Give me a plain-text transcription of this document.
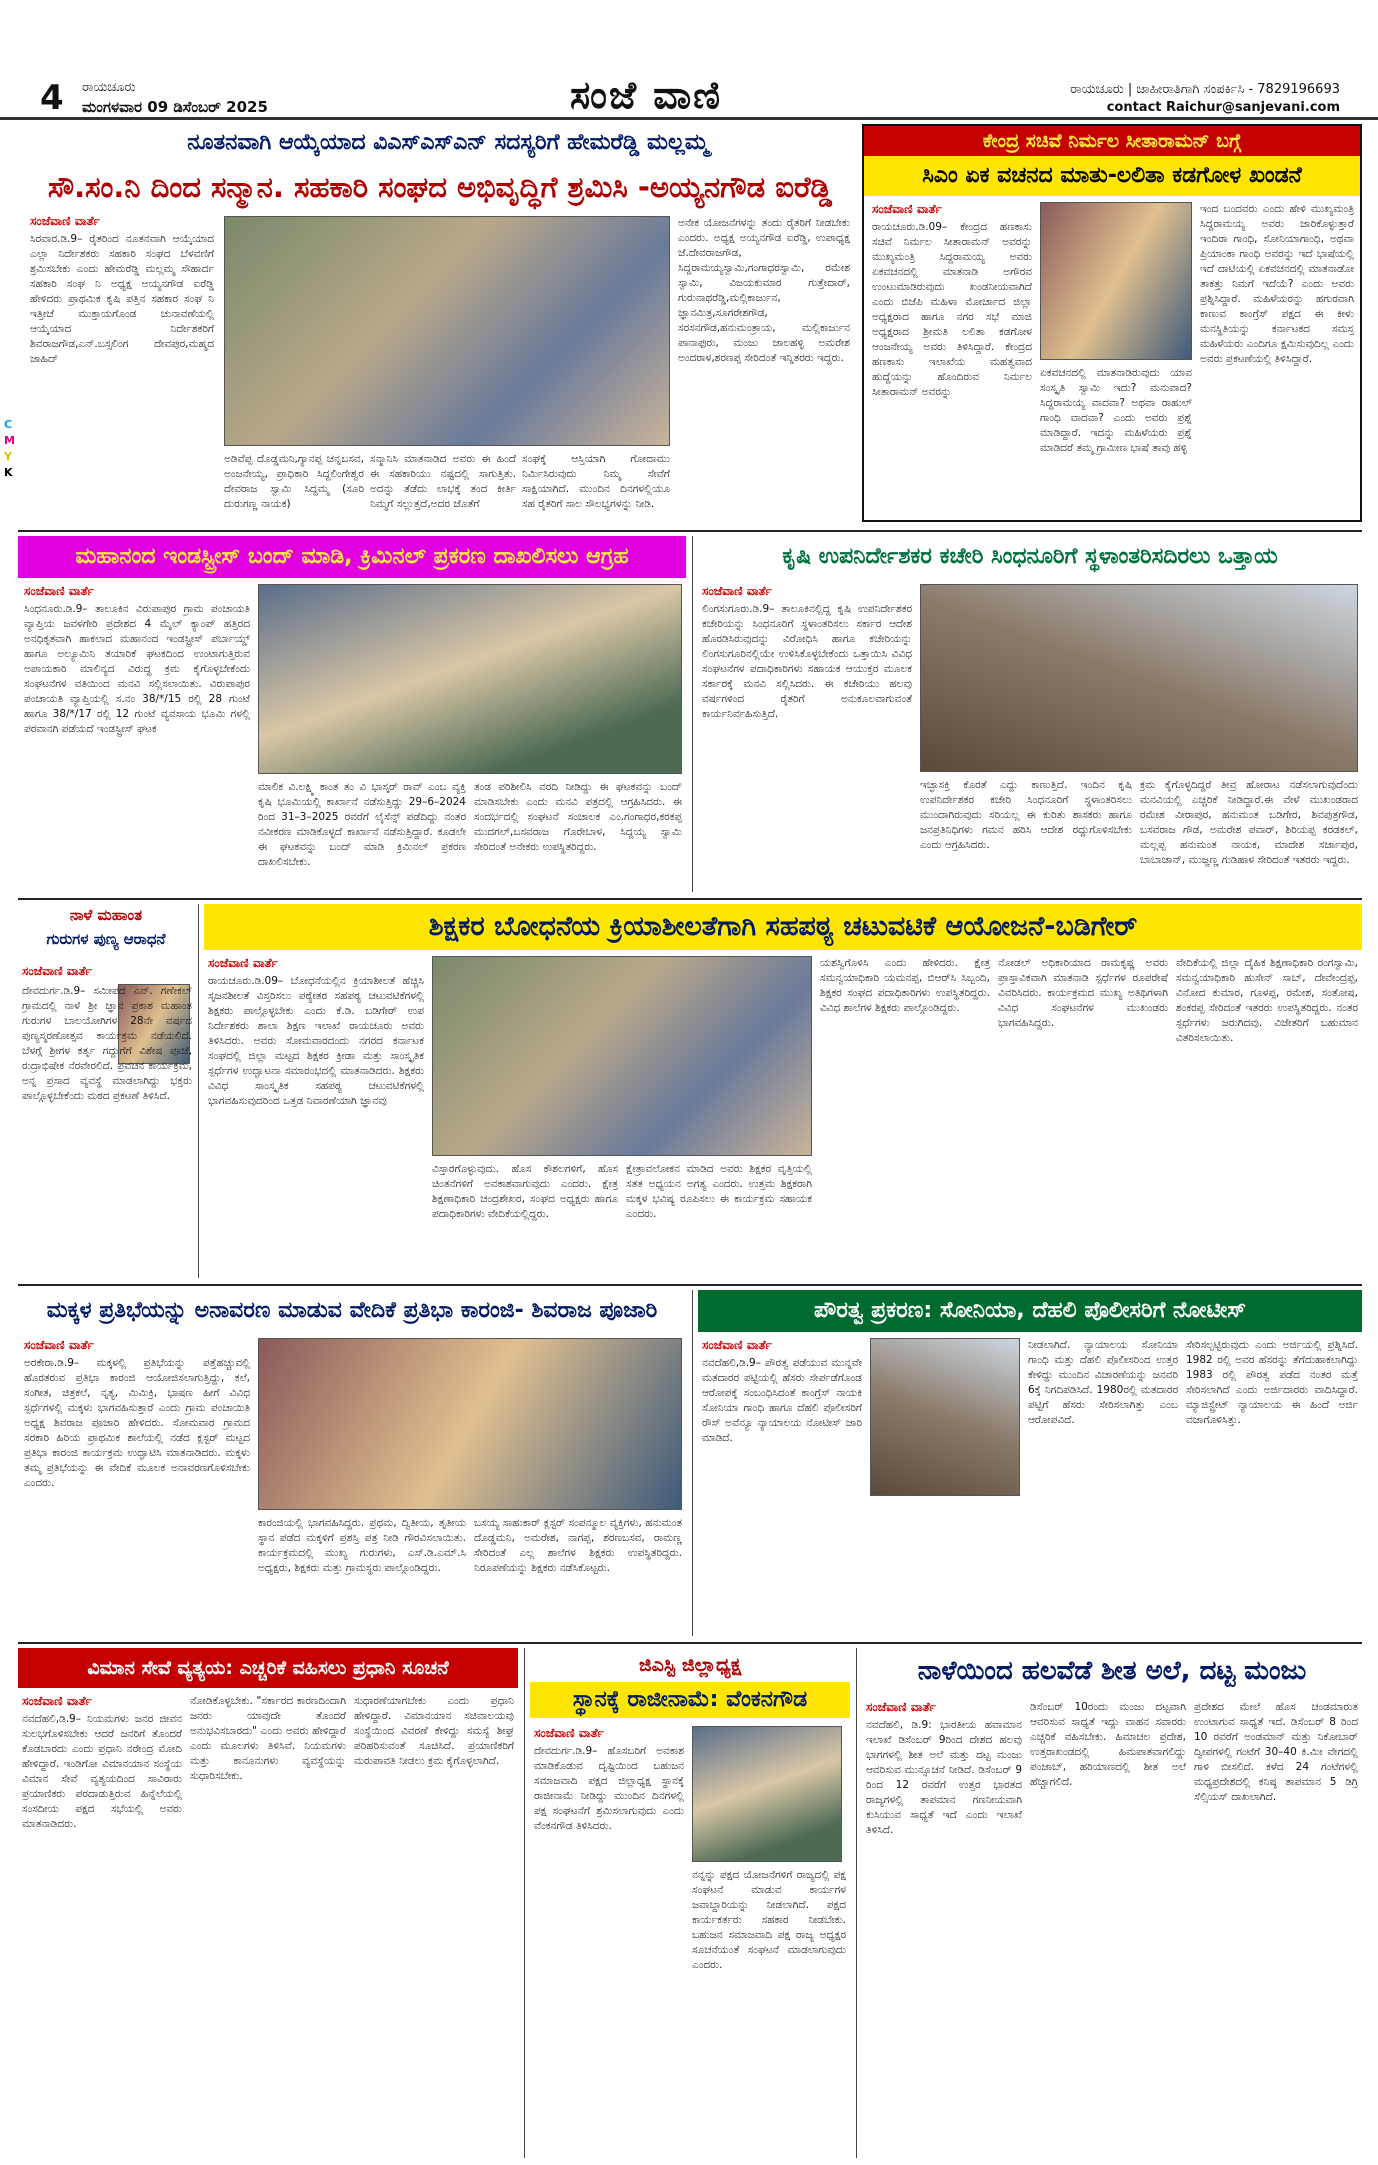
4 ರಾಯಚೂರು
ಮಂಗಳವಾರ 09 ಡಿಸೆಂಬರ್ 2025	ಸಂಜೆ ವಾಣಿ	ರಾಯಚೂರು | ಜಾಹೀರಾತಿಗಾಗಿ ಸಂಪರ್ಕಿಸಿ - 7829196693
contact Raichur@sanjevani.com
C
M
Y
K
ನೂತನವಾಗಿ ಆಯ್ಕೆಯಾದ ವಿಎಸ್‌ಎಸ್‌ಎನ್ ಸದಸ್ಯರಿಗೆ ಹೇಮರೆಡ್ಡಿ ಮಲ್ಲಮ್ಮ
ಸೌ.ಸಂ.ನಿ ದಿಂದ ಸನ್ಮಾನ. ಸಹಕಾರಿ ಸಂಘದ ಅಭಿವೃದ್ಧಿಗೆ ಶ್ರಮಿಸಿ -ಅಯ್ಯನಗೌಡ ಐರೆಡ್ಡಿ
ಸಂಜೆವಾಣಿ ವಾರ್ತೆ
ಸಿರವಾರ.ಡಿ.9– ರೈತರಿಂದ ನೂತನವಾಗಿ ಆಯ್ಕೆಯಾದ ಎಲ್ಲಾ ನಿರ್ದೇಶಕರು ಸಹಕಾರಿ ಸಂಘದ ಬೆಳವಣಿಗೆ ಶ್ರಮಿಸಬೇಕು ಎಂದು ಹೇಮರೆಡ್ಡಿ ಮಲ್ಲಮ್ಮ ಸೌಹಾರ್ದ ಸಹಕಾರಿ ಸಂಘ ನಿ ಅಧ್ಯಕ್ಷ ಅಯ್ಯನಗೌಡ ಐರೆಡ್ಡಿ ಹೇಳಿದರು ಪ್ರಾಥಮಿಕ ಕೃಷಿ ಪತ್ತಿನ ಸಹಕಾರ ಸಂಘ ನಿ ಇತ್ತೀಚೆ ಮುಕ್ತಾಯಗೊಂಡ ಚುನಾವಣೆಯಲ್ಲಿ ಆಯ್ಕೆಯಾದ ನಿರ್ದೇಶಕರಿಗೆ ಶಿವರಾಜಗೌಡ,ಎನ್.ಬಸ್ಸಲಿಂಗ ದೇವಪುರ,ಮಹ್ಮದ ಜಾಹಿದ್
ಅಡಿವೆಪ್ಪ ದೊಡ್ಡಮನಿ,ಗ್ಯಾನಪ್ಪ ಚನ್ನಬಸವ, ಅಂಜನೇಯ್ಯ, ಪ್ರಾಧಿಕಾರಿ ಸಿದ್ದಲಿಂಗೇಶ್ವರ ದೇವರಾಜ ಸ್ವಾಮಿ ಸಿದ್ದಮ್ಮ (ಸೂರಿ ದುರುಗಣ್ಣ ನಾಯಕ)
ಸನ್ಮಾನಿಸಿ ಮಾತನಾಡಿದ ಅವರು ಈ ಹಿಂದೆ ಈ ಸಹಕಾರಿಯು ನಷ್ಟದಲ್ಲಿ ಸಾಗುತ್ತಿತು. ಅದನ್ನು ತೆಡೆದು ಲಾಭಕ್ಕೆ ತಂದ ಕೀರ್ತಿ ನಿಮ್ಮಗೆ ಸಲ್ಲುತ್ತದೆ,ಅದರ ಜೊತೆಗೆ
ಸಂಘಕ್ಕೆ ಆಸ್ತಿಯಾಗಿ ಗೋದಾಮು ನಿರ್ಮಿಸಿರುವುದು ನಿಮ್ಮ ಸೇವೆಗೆ ಸಾಕ್ಷಿಯಾಗಿದೆ. ಮುಂದಿನ ದಿನಗಳಲ್ಲಿಯೂ ಸಹ ರೈತರಿಗೆ ಸಾಲ ಸೌಲಭ್ಯಗಳನ್ನು ನೀಡಿ.
ಅನೇಕ ಯೋಜನೆಗಳನ್ನು ತಂದು ರೈತರಿಗೆ ನೀಡಬೇಕು ಎಂದರು. ಅಧ್ಯಕ್ಷ ಅಯ್ಯನಗೌಡ ಐರೆಡ್ಡಿ, ಉಪಾಧ್ಯಕ್ಷ ಜೆ.ದೇವರಾಜಗೌಡ, ಸಿದ್ದರಾಮಯ್ಯಸ್ವಾಮಿ,ಗಂಗಾಧರಸ್ವಾಮಿ, ರಮೇಶ ಸ್ವಾಮಿ, ವಿಜಯಕುಮಾರ ಗುತ್ತೇದಾರ್, ಗುರುನಾಥರೆಡ್ಡಿ,ಮಲ್ಲಿಕಾರ್ಜುನ, ಜ್ಞಾನಮಿತ್ರ,ಸೂಗರೇಶಗೌಡ, ಸರಸನಗೌಡ,ಹನುಮಂತ್ರಾಯ, ಮಲ್ಲಿಕಾರ್ಜುನ ಪಾನಾಫುರು, ಮಂಜು ಜಾಲಹಳ್ಳಿ ಅಮರೇಶ ಅಂದರಾಳ,ಶರಣಪ್ಪ ಸೇರಿದಂತೆ ಇನ್ನಿತರರು ಇದ್ದರು.
ಕೇಂದ್ರ ಸಚಿವೆ ನಿರ್ಮಲ ಸೀತಾರಾಮನ್ ಬಗ್ಗೆ
ಸಿಎಂ ಏಕ ವಚನದ ಮಾತು-ಲಲಿತಾ ಕಡಗೋಳ ಖಂಡನೆ
ಸಂಜೆವಾಣಿ ವಾರ್ತೆ
ರಾಯಚೂರು.ಡಿ.09– ಕೇಂದ್ರದ ಹಣಕಾಸು ಸಚಿವೆ ನಿರ್ಮಲ ಸೀತಾರಾಮನ್ ಅವರನ್ನು ಮುಖ್ಯಮಂತ್ರಿ ಸಿದ್ದರಾಮಯ್ಯ ಅವರು ಏಕವಚನದಲ್ಲಿ ಮಾತನಾಡಿ ಅಗೌರವ ಉಂಟುಮಾಡಿರುವುದು ಖಂಡನೀಯವಾಗಿದೆ ಎಂದು ಬಿಜೆಪಿ ಮಹಿಳಾ ಮೋರ್ಚಾದ ಜಿಲ್ಲಾ ಅಧ್ಯಕ್ಷರಾದ ಹಾಗೂ ನಗರ ಸಭೆ ಮಾಜಿ ಅಧ್ಯಕ್ಷರಾದ ಶ್ರೀಮತಿ ಲಲಿತಾ ಕಡಗೋಳ ಆಂಜನೇಯ್ಯ ಅವರು ತಿಳಿಸಿದ್ದಾರೆ. ಕೇಂದ್ರದ ಹಣಕಾಸು ಇಲಾಖೆಯ ಮಹತ್ವವಾದ ಹುದ್ದೆಯನ್ನು ಹೊಂದಿರುವ ನಿರ್ಮಲ ಸೀತಾರಾಮನ್ ಅವರನ್ನು
ಏಕವಚನದಲ್ಲಿ ಮಾತನಾಡಿರುವುದು ಯಾವ ಸಂಸ್ಕೃತಿ ಸ್ವಾಮಿ ಇದು? ಮನುವಾದ? ಸಿದ್ದರಾಮಯ್ಯ ವಾದವಾ? ಅಥವಾ ರಾಹುಲ್ ಗಾಂಧಿ ವಾದವಾ? ಎಂದು ಅವರು ಪ್ರಶ್ನೆ ಮಾಡಿದ್ದಾರೆ. ಇದನ್ನು ಮಹಿಳೆಯರು ಪ್ರಶ್ನೆ ಮಾಡಿದರೆ ತಮ್ಮ ಗ್ರಾಮೀಣ ಭಾಷೆ ತಾವು ಹಳ್ಳಿ
ಇಂದ ಬಂದವರು ಎಂದು ಹೇಳಿ ಮುಖ್ಯಮಂತ್ರಿ ಸಿದ್ದರಾಮಯ್ಯ ಅವರು ಜಾರಿಕೊಳ್ಳುತ್ತಾರೆ ಇಂದಿರಾ ಗಾಂಧಿ, ಸೋನಿಯಾಗಾಂಧಿ, ಅಥವಾ ಪ್ರಿಯಾಂಕಾ ಗಾಂಧಿ ಅವರನ್ನು ಇದೆ ಭಾಷೆಯಲ್ಲಿ ಇದೆ ದಾಟಿಯಲ್ಲಿ ಏಕವಚನದಲ್ಲಿ ಮಾತನಾಡೋ ತಾಕತ್ತು ನಿಮಗೆ ಇದೆಯೆ? ಎಂದು ಅವರು ಪ್ರಶ್ನಿಸಿದ್ದಾರೆ. ಮಹಿಳೆಯರನ್ನು ಹಗುರವಾಗಿ ಕಾಣುವ ಕಾಂಗ್ರೆಸ್ ಪಕ್ಷದ ಈ ಕೀಳು ಮನಸ್ಥಿತಿಯನ್ನು ಕರ್ನಾಟಕದ ಸಮಸ್ತ ಮಹಿಳೆಯರು ಎಂದಿಗೂ ಕ್ಷಮಿಸುವುದಿಲ್ಲ ಎಂದು ಅವರು ಪ್ರಕಟಣೆಯಲ್ಲಿ ತಿಳಿಸಿದ್ದಾರೆ.
ಮಹಾನಂದ ಇಂಡಸ್ಟ್ರೀಸ್ ಬಂದ್ ಮಾಡಿ, ಕ್ರಿಮಿನಲ್ ಪ್ರಕರಣ ದಾಖಲಿಸಲು ಆಗ್ರಹ
ಸಂಜೆವಾಣಿ ವಾರ್ತೆ
ಸಿಂಧನೂರು.ಡಿ.9– ತಾಲೂಕಿನ ವಿರುಪಾಪುರ ಗ್ರಾಮ ಪಂಚಾಯತಿ ವ್ಯಾಪ್ತಿಯ ಜವಳಗೇರಿ ಪ್ರದೇಶದ 4 ಮೈಲ್ ಕ್ಯಾಂಪ್ ಹತ್ತಿರದ ಅನಧಿಕೃತವಾಗಿ ಹಾಕಲಾದ ಮಹಾನಂದ ಇಂಡಸ್ಟ್ರೀಸ್ ಪರ್ಬಾಯ್ಡ್ ಹಾಗೂ ಅಲ್ಯೂಮಿನಿ ತಯಾರಿಕೆ ಘಟಕದಿಂದ ಉಂಟಾಗುತ್ತಿರುವ ಅಪಾಯಕಾರಿ ಮಾಲಿನ್ಯದ ವಿರುದ್ಧ ಕ್ರಮ ಕೈಗೊಳ್ಳಬೇಕೆಂದು ಸಂಘಟನೆಗಳ ವತಿಯಿಂದ ಮನವಿ ಸಲ್ಲಿಸಲಾಯಿತು. ವಿರುಪಾಪುರ ಪಂಚಾಯತಿ ವ್ಯಾಪ್ತಿಯಲ್ಲಿ ಸ.ನಂ 38/*/15 ರಲ್ಲಿ 28 ಗುಂಟೆ ಹಾಗೂ 38/*/17 ರಲ್ಲಿ 12 ಗುಂಟೆ ವ್ಯವಸಾಯ ಭೂಮಿ ಗಳಲ್ಲಿ ಪರವಾನಗಿ ಪಡೆಯದೆ ಇಂಡಸ್ಟ್ರೀಸ್ ಘಟಕ
ಮಾಲಿಕ ವಿ.ಲಕ್ಷ್ಮಿ ಕಾಂತ ತಂ ವಿ ಭಾಸ್ಕರ್ ರಾವ್ ಎಂಬ ವ್ಯಕ್ತಿ ಕೃಷಿ ಭೂಮಿಯಲ್ಲಿ ಕಾರ್ಖಾನೆ ನಡೆಸುತ್ತಿದ್ದು 29–6–2024 ರಿಂದ 31–3–2025 ರವರೆಗೆ ಲೈಸೆನ್ಸ್ ಪಡೆದಿದ್ದು ನಂತರ ನವೀಕರಣ ಮಾಡಿಕೊಳ್ಳದೆ ಕಾರ್ಖಾನೆ ನಡೆಸುತ್ತಿದ್ದಾರೆ. ಕೂಡಲೇ ಈ ಘಟಕವನ್ನು ಬಂದ್ ಮಾಡಿ ಕ್ರಿಮಿನಲ್ ಪ್ರಕರಣ ದಾಖಲಿಸಬೇಕು.
ತಂಡ ಪರಿಶೀಲಿಸಿ ವರದಿ ನೀಡಿದ್ದು ಈ ಘಟಕವನ್ನು ಬಂದ್ ಮಾಡಿಸಬೇಕು ಎಂದು ಮನವಿ ಪತ್ರದಲ್ಲಿ ಆಗ್ರಹಿಸಿದರು. ಈ ಸಂದರ್ಭದಲ್ಲಿ ಸಂಘಟನೆ ಸಂಚಾಲಕ ಎಂ.ಗಂಗಾಧರ,ಕರಕಪ್ಪ ಮುದಗಲ್,ಬಸವರಾಜ ಗೊರೇಬಾಳ, ಸಿದ್ದಯ್ಯ ಸ್ವಾಮಿ ಸೇರಿದಂತೆ ಅನೇಕರು ಉಪಸ್ಥಿತರಿದ್ದರು.
ಕೃಷಿ ಉಪನಿರ್ದೇಶಕರ ಕಚೇರಿ ಸಿಂಧನೂರಿಗೆ ಸ್ಥಳಾಂತರಿಸದಿರಲು ಒತ್ತಾಯ
ಸಂಜೆವಾಣಿ ವಾರ್ತೆ
ಲಿಂಗಸುಗೂರು.ಡಿ.9– ತಾಲೂಕಿನಲ್ಲಿದ್ದ ಕೃಷಿ ಉಪನಿರ್ದೇಶಕರ ಕಚೇರಿಯನ್ನು ಸಿಂಧನೂರಿಗೆ ಸ್ಥಳಾಂತರಿಸಲು ಸರ್ಕಾರ ಆದೇಶ ಹೊರಡಿಸಿರುವುದನ್ನು ವಿರೋಧಿಸಿ ಹಾಗೂ ಕಚೇರಿಯನ್ನು ಲಿಂಗಸುಗೂರಿನಲ್ಲಿಯೇ ಉಳಿಸಿಕೊಳ್ಳಬೇಕೆಂದು ಒತ್ತಾಯಿಸಿ ವಿವಿಧ ಸಂಘಟನೆಗಳ ಪದಾಧಿಕಾರಿಗಳು ಸಹಾಯಕ ಆಯುಕ್ತರ ಮೂಲಕ ಸರ್ಕಾರಕ್ಕೆ ಮನವಿ ಸಲ್ಲಿಸಿದರು. ಈ ಕಚೇರಿಯು ಹಲವು ವರ್ಷಗಳಿಂದ ರೈತರಿಗೆ ಅನುಕೂಲವಾಗುವಂತೆ ಕಾರ್ಯನಿರ್ವಹಿಸುತ್ತಿದೆ.
ಇಚ್ಛಾಸಕ್ತಿ ಕೊರತೆ ಎದ್ದು ಕಾಣುತ್ತಿದೆ. ಇಂದಿನ ಕೃಷಿ ಉಪನಿರ್ದೇಶಕರ ಕಚೇರಿ ಸಿಂಧನೂರಿಗೆ ಸ್ಥಳಾಂತರಿಸಲು ಮುಂದಾಗಿರುವುದು ಸರಿಯಲ್ಲ ಈ ಕುರಿತು ಶಾಸಕರು ಹಾಗೂ ಜನಪ್ರತಿನಿಧಿಗಳು ಗಮನ ಹರಿಸಿ ಆದೇಶ ರದ್ದುಗೊಳಿಸಬೇಕು ಎಂದು ಆಗ್ರಹಿಸಿದರು.
ಕ್ರಮ ಕೈಗೊಳ್ಳದಿದ್ದರೆ ತೀವ್ರ ಹೋರಾಟ ನಡೆಸಲಾಗುವುದೆಂದು ಮನವಿಯಲ್ಲಿ ಎಚ್ಚರಿಕೆ ನೀಡಿದ್ದಾರೆ.ಈ ವೇಳೆ ಮುಖಂಡರಾದ ರಮೇಶ ವೀರಾಪುರ, ಹನುಮಂತ ಬಡಿಗೇರ, ಶಿವಪುತ್ರಗೌಡ, ಬಸವರಾಜ ಗೌಡ, ಅಮರೇಶ ಪವಾರ್, ಶಿರಿಯಪ್ಪ ಕರಡಕಲ್, ಮಲ್ಲಪ್ಪ ಹನುಮಂತ ನಾಯಕ, ಮಾದೇಶ ಸರ್ಜಾಪುರ, ಬಾಬಾಜಾನ್, ಮುಜ್ಜಣ್ಣ ಗುಡಿಹಾಳ ಸೇರಿದಂತೆ ಇತರರು ಇದ್ದರು.
ನಾಳೆ ಮಹಾಂತ
ಗುರುಗಳ ಪುಣ್ಯ ಆರಾಧನೆ
ಸಂಜೆವಾಣಿ ವಾರ್ತೆ
ದೇವದುರ್ಗ.ಡಿ.9– ಸಮೀಪದ ಎನ್. ಗಣೇಕಲ್ ಗ್ರಾಮದಲ್ಲಿ ನಾಳೆ ಶ್ರೀ ಜ್ಞಾನ ಪ್ರಕಾಶ ಮಹಾಂತ ಗುರುಗಳ ಬಾಲಯೋಗಿಗಳ 28ನೇ ವರ್ಷದ ಪುಣ್ಯಸ್ಮರಣೋತ್ಸವ ಕಾರ್ಯಕ್ರಮ ನಡೆಯಲಿದೆ. ಬೆಳಗ್ಗೆ ಶ್ರೀಗಳ ಕರ್ತೃ ಗದ್ದುಗೆಗೆ ವಿಶೇಷ ಪೂಜೆ, ರುದ್ರಾಭಿಷೇಕ ನೆರವೇರಲಿದೆ. ಪ್ರವಚನ ಕಾರ್ಯಕ್ರಮ, ಅನ್ನ ಪ್ರಸಾದ ವ್ಯವಸ್ಥೆ ಮಾಡಲಾಗಿದ್ದು ಭಕ್ತರು ಪಾಲ್ಗೊಳ್ಳಬೇಕೆಂದು ಮಠದ ಪ್ರಕಟಣೆ ತಿಳಿಸಿದೆ.
ಶಿಕ್ಷಕರ ಬೋಧನೆಯ ಕ್ರಿಯಾಶೀಲತೆಗಾಗಿ ಸಹಪಠ್ಯ ಚಟುವಟಿಕೆ ಆಯೋಜನೆ-ಬಡಿಗೇರ್
ಸಂಜೆವಾಣಿ ವಾರ್ತೆ
ರಾಯಚೂರು.ಡಿ.09– ಬೋಧನೆಯಲ್ಲಿನ ಕ್ರಿಯಾಶೀಲತೆ ಹೆಚ್ಚಿಸಿ ಸೃಜನಶೀಲತೆ ವಿಸ್ತರಿಸಲು ಪಠ್ಯೇತರ ಸಹಪಠ್ಯ ಚಟುವಟಿಕೆಗಳಲ್ಲಿ ಶಿಕ್ಷಕರು ಪಾಲ್ಗೊಳ್ಳಬೇಕು ಎಂದು ಕೆ.ಡಿ. ಬಡಿಗೇರ್ ಉಪ ನಿರ್ದೇಶಕರು ಶಾಲಾ ಶಿಕ್ಷಣ ಇಲಾಖೆ ರಾಯಚೂರು ಅವರು ತಿಳಿಸಿದರು. ಅವರು ಸೋಮವಾರದಂದು ನಗರದ ಕರ್ನಾಟಕ ಸಂಘದಲ್ಲಿ ಜಿಲ್ಲಾ ಮಟ್ಟದ ಶಿಕ್ಷಕರ ಕ್ರೀಡಾ ಮತ್ತು ಸಾಂಸ್ಕೃತಿಕ ಸ್ಪರ್ಧೆಗಳ ಉದ್ಘಾಟನಾ ಸಮಾರಂಭದಲ್ಲಿ ಮಾತನಾಡಿದರು. ಶಿಕ್ಷಕರು ವಿವಿಧ ಸಾಂಸ್ಕೃತಿಕ ಸಹಪಠ್ಯ ಚಟುವಟಿಕೆಗಳಲ್ಲಿ ಭಾಗವಹಿಸುವುದರಿಂದ ಒತ್ತಡ ನಿವಾರಣೆಯಾಗಿ ಜ್ಞಾನವು
ವಿಸ್ತಾರಗೊಳ್ಳುವುದು. ಹೊಸ ಕೌಶಲಗಳಿಗೆ, ಹೊಸ ಚಿಂತನೆಗಳಿಗೆ ಅವಕಾಶವಾಗುವುದು ಎಂದರು. ಕ್ಷೇತ್ರ ಶಿಕ್ಷಣಾಧಿಕಾರಿ ಚಂದ್ರಶೇಖರ, ಸಂಘದ ಅಧ್ಯಕ್ಷರು ಹಾಗೂ ಪದಾಧಿಕಾರಿಗಳು ವೇದಿಕೆಯಲ್ಲಿದ್ದರು.
ಕ್ಷೇತ್ರಾವಲೋಕನ ಮಾಡಿದ ಅವರು ಶಿಕ್ಷಕರ ವೃತ್ತಿಯಲ್ಲಿ ಸತತ ಅಧ್ಯಯನ ಅಗತ್ಯ ಎಂದರು. ಉತ್ತಮ ಶಿಕ್ಷಕರಾಗಿ ಮಕ್ಕಳ ಭವಿಷ್ಯ ರೂಪಿಸಲು ಈ ಕಾರ್ಯಕ್ರಮ ಸಹಾಯಕ ಎಂದರು.
ಯಶಸ್ವಿಗೊಳಿಸಿ ಎಂದು ಹೇಳಿದರು. ಕ್ಷೇತ್ರ ಸಮನ್ವಯಾಧಿಕಾರಿ ಯಮನಪ್ಪ, ಬಿಆರ್‌ಸಿ ಸಿಬ್ಬಂದಿ, ಶಿಕ್ಷಕರ ಸಂಘದ ಪದಾಧಿಕಾರಿಗಳು ಉಪಸ್ಥಿತರಿದ್ದರು. ವಿವಿಧ ಶಾಲೆಗಳ ಶಿಕ್ಷಕರು ಪಾಲ್ಗೊಂಡಿದ್ದರು.
ನೋಡಲ್ ಅಧಿಕಾರಿಯಾದ ರಾಮಕೃಷ್ಣ ಅವರು ಪ್ರಾಸ್ತಾವಿಕವಾಗಿ ಮಾತನಾಡಿ ಸ್ಪರ್ಧೆಗಳ ರೂಪರೇಷೆ ವಿವರಿಸಿದರು. ಕಾರ್ಯಕ್ರಮದ ಮುಖ್ಯ ಅತಿಥಿಗಳಾಗಿ ವಿವಿಧ ಸಂಘಟನೆಗಳ ಮುಖಂಡರು ಭಾಗವಹಿಸಿದ್ದರು.
ವೇದಿಕೆಯಲ್ಲಿ ಜಿಲ್ಲಾ ದೈಹಿಕ ಶಿಕ್ಷಣಾಧಿಕಾರಿ ರಂಗಸ್ವಾಮಿ, ಸಮನ್ವಯಾಧಿಕಾರಿ ಹುಸೇನ್ ಸಾಬ್, ದೇವೇಂದ್ರಪ್ಪ, ವಿನೋದ ಕುಮಾರ, ಗೂಳಪ್ಪ, ರಮೇಶ, ಸಂತೋಷ, ಶಂಕರಪ್ಪ ಸೇರಿದಂತೆ ಇತರರು ಉಪಸ್ಥಿತರಿದ್ದರು. ನಂತರ ಸ್ಪರ್ಧೆಗಳು ಜರುಗಿದವು. ವಿಜೇತರಿಗೆ ಬಹುಮಾನ ವಿತರಿಸಲಾಯಿತು.
ಮಕ್ಕಳ ಪ್ರತಿಭೆಯನ್ನು ಅನಾವರಣ ಮಾಡುವ ವೇದಿಕೆ ಪ್ರತಿಭಾ ಕಾರಂಜಿ- ಶಿವರಾಜ ಪೂಜಾರಿ
ಸಂಜೆವಾಣಿ ವಾರ್ತೆ
ಅರಕೇರಾ.ಡಿ.9– ಮಕ್ಕಳಲ್ಲಿ ಪ್ರತಿಭೆಯನ್ನು ಪತ್ತೆಹಚ್ಚುವಲ್ಲಿ ಹೊರತರುವ ಪ್ರತಿಭಾ ಕಾರಂಜಿ ಆಯೋಜಿಸಲಾಗುತ್ತಿದ್ದು, ಕಲೆ, ಸಂಗೀತ, ಚಿತ್ರಕಲೆ, ನೃತ್ಯ, ಮಿಮಿಕ್ರಿ, ಭಾಷಣ ಹೀಗೆ ವಿವಿಧ ಸ್ಪರ್ಧೆಗಳಲ್ಲಿ ಮಕ್ಕಳು ಭಾಗವಹಿಸುತ್ತಾರೆ ಎಂದು ಗ್ರಾಮ ಪಂಚಾಯಿತಿ ಅಧ್ಯಕ್ಷ ಶಿವರಾಜ ಪೂಜಾರಿ ಹೇಳಿದರು. ಸೋಮವಾರ ಗ್ರಾಮದ ಸರಕಾರಿ ಹಿರಿಯ ಪ್ರಾಥಮಿಕ ಶಾಲೆಯಲ್ಲಿ ನಡೆದ ಕ್ಲಸ್ಟರ್ ಮಟ್ಟದ ಪ್ರತಿಭಾ ಕಾರಂಜಿ ಕಾರ್ಯಕ್ರಮ ಉದ್ಘಾಟಿಸಿ ಮಾತನಾಡಿದರು. ಮಕ್ಕಳು ತಮ್ಮ ಪ್ರತಿಭೆಯನ್ನು ಈ ವೇದಿಕೆ ಮೂಲಕ ಅನಾವರಣಗೊಳಿಸಬೇಕು ಎಂದರು.
ಕಾರಂಜಿಯಲ್ಲಿ ಭಾಗವಹಿಸಿದ್ದರು. ಪ್ರಥಮ, ದ್ವಿತೀಯ, ತೃತೀಯ ಸ್ಥಾನ ಪಡೆದ ಮಕ್ಕಳಿಗೆ ಪ್ರಶಸ್ತಿ ಪತ್ರ ನೀಡಿ ಗೌರವಿಸಲಾಯಿತು. ಕಾರ್ಯಕ್ರಮದಲ್ಲಿ ಮುಖ್ಯ ಗುರುಗಳು, ಎಸ್.ಡಿ.ಎಮ್.ಸಿ ಅಧ್ಯಕ್ಷರು, ಶಿಕ್ಷಕರು ಮತ್ತು ಗ್ರಾಮಸ್ಥರು ಪಾಲ್ಗೊಂಡಿದ್ದರು.
ಬಸಯ್ಯ ಸಾಹುಕಾರ್ ಕ್ಲಸ್ಟರ್ ಸಂಪನ್ಮೂಲ ವ್ಯಕ್ತಿಗಳು, ಹನುಮಂತ ದೊಡ್ಡಮನಿ, ಅಮರೇಶ, ನಾಗಪ್ಪ, ಶರಣಬಸವ, ರಾಮಣ್ಣ ಸೇರಿದಂತೆ ಎಲ್ಲ ಶಾಲೆಗಳ ಶಿಕ್ಷಕರು ಉಪಸ್ಥಿತರಿದ್ದರು. ನಿರೂಪಣೆಯನ್ನು ಶಿಕ್ಷಕರು ನಡೆಸಿಕೊಟ್ಟರು.
ಪೌರತ್ವ ಪ್ರಕರಣ: ಸೋನಿಯಾ, ದೆಹಲಿ ಪೊಲೀಸರಿಗೆ ನೋಟೀಸ್
ಸಂಜೆವಾಣಿ ವಾರ್ತೆ
ನವದೆಹಲಿ,ಡಿ.9– ಪೌರತ್ವ ಪಡೆಯುವ ಮುನ್ನವೇ ಮತದಾರರ ಪಟ್ಟಿಯಲ್ಲಿ ಹೆಸರು ಸೇರ್ಪಡೆಗೊಂಡ ಆರೋಪಕ್ಕೆ ಸಂಬಂಧಿಸಿದಂತೆ ಕಾಂಗ್ರೆಸ್ ನಾಯಕಿ ಸೋನಿಯಾ ಗಾಂಧಿ ಹಾಗೂ ದೆಹಲಿ ಪೊಲೀಸರಿಗೆ ರೌಸ್ ಅವೆನ್ಯೂ ನ್ಯಾಯಾಲಯ ನೋಟೀಸ್ ಜಾರಿ ಮಾಡಿದೆ.
ನೀಡಲಾಗಿದೆ. ನ್ಯಾಯಾಲಯ ಸೋನಿಯಾ ಗಾಂಧಿ ಮತ್ತು ದೆಹಲಿ ಪೊಲೀಸರಿಂದ ಉತ್ತರ ಕೇಳಿದ್ದು ಮುಂದಿನ ವಿಚಾರಣೆಯನ್ನು ಜನವರಿ 6ಕ್ಕೆ ನಿಗದಿಪಡಿಸಿದೆ. 1980ರಲ್ಲಿ ಮತದಾರರ ಪಟ್ಟಿಗೆ ಹೆಸರು ಸೇರಿಸಲಾಗಿತ್ತು ಎಂಬ ಆರೋಪವಿದೆ.
ಸೇರಿಸಲ್ಪಟ್ಟಿರುವುದು ಎಂದು ಅರ್ಜಿಯಲ್ಲಿ ಪ್ರಶ್ನಿಸಿದೆ. 1982 ರಲ್ಲಿ ಅವರ ಹೆಸರನ್ನು ತೆಗೆದುಹಾಕಲಾಗಿದ್ದು 1983 ರಲ್ಲಿ ಪೌರತ್ವ ಪಡೆದ ನಂತರ ಮತ್ತೆ ಸೇರಿಸಲಾಗಿದೆ ಎಂದು ಅರ್ಜಿದಾರರು ವಾದಿಸಿದ್ದಾರೆ. ಮ್ಯಾಜಿಸ್ಟ್ರೇಟ್ ನ್ಯಾಯಾಲಯ ಈ ಹಿಂದೆ ಅರ್ಜಿ ವಜಾಗೊಳಿಸಿತ್ತು.
ವಿಮಾನ ಸೇವೆ ವ್ಯತ್ಯಯ: ಎಚ್ಚರಿಕೆ ವಹಿಸಲು ಪ್ರಧಾನಿ ಸೂಚನೆ
ಸಂಜೆವಾಣಿ ವಾರ್ತೆ
ನವದೆಹಲಿ,ಡಿ.9– ನಿಯಮಗಳು ಜನರ ಜೀವನ ಸುಲಭಗೊಳಿಸಬೇಕು ಆದರೆ ಜನರಿಗೆ ತೊಂದರೆ ಕೊಡಬಾರದು ಎಂದು ಪ್ರಧಾನಿ ನರೇಂದ್ರ ಮೋದಿ ಹೇಳಿದ್ದಾರೆ. ಇಂಡಿಗೋ ವಿಮಾನಯಾನ ಸಂಸ್ಥೆಯ ವಿಮಾನ ಸೇವೆ ವ್ಯತ್ಯಯದಿಂದ ಸಾವಿರಾರು ಪ್ರಯಾಣಿಕರು ಪರದಾಡುತ್ತಿರುವ ಹಿನ್ನೆಲೆಯಲ್ಲಿ ಸಂಸದೀಯ ಪಕ್ಷದ ಸಭೆಯಲ್ಲಿ ಅವರು ಮಾತನಾಡಿದರು.
ನೋಡಿಕೊಳ್ಳಬೇಕು. "ಸರ್ಕಾರದ ಕಾರಣದಿಂದಾಗಿ ಜನರು ಯಾವುದೇ ತೊಂದರೆ ಅನುಭವಿಸಬಾರದು" ಎಂದು ಅವರು ಹೇಳಿದ್ದಾರೆ ಎಂದು ಮೂಲಗಳು ತಿಳಿಸಿವೆ. ನಿಯಮಗಳು ಮತ್ತು ಕಾನೂನುಗಳು ವ್ಯವಸ್ಥೆಯನ್ನು ಸುಧಾರಿಸಬೇಕು.
ಸುಧಾರಣೆಯಾಗಬೇಕು ಎಂದು ಪ್ರಧಾನಿ ಹೇಳಿದ್ದಾರೆ. ವಿಮಾನಯಾನ ಸಚಿವಾಲಯವು ಸಂಸ್ಥೆಯಿಂದ ವಿವರಣೆ ಕೇಳಿದ್ದು ಸಮಸ್ಯೆ ಶೀಘ್ರ ಪರಿಹರಿಸುವಂತೆ ಸೂಚಿಸಿದೆ. ಪ್ರಯಾಣಿಕರಿಗೆ ಮರುಪಾವತಿ ನೀಡಲು ಕ್ರಮ ಕೈಗೊಳ್ಳಲಾಗಿದೆ.
ಜಿಎಸ್ಟಿ ಜಿಲ್ಲಾಧ್ಯಕ್ಷ
ಸ್ಥಾನಕ್ಕೆ ರಾಜೀನಾಮೆ: ವೆಂಕನಗೌಡ
ಸಂಜೆವಾಣಿ ವಾರ್ತೆ
ದೇವದುರ್ಗ.ಡಿ.9– ಹೊಸಬರಿಗೆ ಅವಕಾಶ ಮಾಡಿಕೊಡುವ ದೃಷ್ಟಿಯಿಂದ ಬಹುಜನ ಸಮಾಜವಾದಿ ಪಕ್ಷದ ಜಿಲ್ಲಾಧ್ಯಕ್ಷ ಸ್ಥಾನಕ್ಕೆ ರಾಜೀನಾಮೆ ನೀಡಿದ್ದು ಮುಂದಿನ ದಿನಗಳಲ್ಲಿ ಪಕ್ಷ ಸಂಘಟನೆಗೆ ಶ್ರಮಿಸಲಾಗುವುದು ಎಂದು ವೆಂಕನಗೌಡ ತಿಳಿಸಿದರು.
ನನ್ನನ್ನು ಪಕ್ಷದ ಯೋಜನೆಗಳಿಗೆ ರಾಜ್ಯದಲ್ಲಿ ಪಕ್ಷ ಸಂಘಟನೆ ಮಾಡುವ ಕಾರ್ಯಗಳ ಜವಾಬ್ದಾರಿಯನ್ನು ನೀಡಲಾಗಿದೆ. ಪಕ್ಷದ ಕಾರ್ಯಕರ್ತರು ಸಹಕಾರ ನೀಡಬೇಕು. ಬಹುಜನ ಸಮಾಜವಾದಿ ಪಕ್ಷ ರಾಜ್ಯ ಅಧ್ಯಕ್ಷರ ಸೂಚನೆಯಂತೆ ಸಂಘಟನೆ ಮಾಡಲಾಗುವುದು ಎಂದರು.
ನಾಳೆಯಿಂದ ಹಲವೆಡೆ ಶೀತ ಅಲೆ, ದಟ್ಟ ಮಂಜು
ಸಂಜೆವಾಣಿ ವಾರ್ತೆ
ನವದೆಹಲಿ, ಡಿ.9: ಭಾರತೀಯ ಹವಾಮಾನ ಇಲಾಖೆ ಡಿಸೆಂಬರ್ 9ರಿಂದ ದೇಶದ ಹಲವು ಭಾಗಗಳಲ್ಲಿ ಶೀತ ಅಲೆ ಮತ್ತು ದಟ್ಟ ಮಂಜು ಆವರಿಸುವ ಮುನ್ಸೂಚನೆ ನೀಡಿದೆ. ಡಿಸೆಂಬರ್ 9 ರಿಂದ 12 ರವರೆಗೆ ಉತ್ತರ ಭಾರತದ ರಾಜ್ಯಗಳಲ್ಲಿ ತಾಪಮಾನ ಗಣನೀಯವಾಗಿ ಕುಸಿಯುವ ಸಾಧ್ಯತೆ ಇದೆ ಎಂದು ಇಲಾಖೆ ತಿಳಿಸಿದೆ.
ಡಿಸೆಂಬರ್ 10ರಂದು ಮಂಜು ದಟ್ಟವಾಗಿ ಆವರಿಸುವ ಸಾಧ್ಯತೆ ಇದ್ದು ವಾಹನ ಸವಾರರು ಎಚ್ಚರಿಕೆ ವಹಿಸಬೇಕು. ಹಿಮಾಚಲ ಪ್ರದೇಶ, ಉತ್ತರಾಖಂಡದಲ್ಲಿ ಹಿಮಪಾತವಾಗಲಿದ್ದು ಪಂಜಾಬ್, ಹರಿಯಾಣದಲ್ಲಿ ಶೀತ ಅಲೆ ಹೆಚ್ಚಾಗಲಿದೆ.
ಪ್ರದೇಶದ ಮೇಲೆ ಹೊಸ ಚಂಡಮಾರುತ ಉಂಟಾಗುವ ಸಾಧ್ಯತೆ ಇದೆ. ಡಿಸೆಂಬರ್ 8 ರಿಂದ 10 ರವರೆಗೆ ಅಂಡಮಾನ್ ಮತ್ತು ನಿಕೋಬಾರ್ ದ್ವೀಪಗಳಲ್ಲಿ ಗಂಟೆಗೆ 30–40 ಕಿ.ಮೀ ವೇಗದಲ್ಲಿ ಗಾಳಿ ಬೀಸಲಿದೆ. ಕಳೆದ 24 ಗಂಟೆಗಳಲ್ಲಿ ಮಧ್ಯಪ್ರದೇಶದಲ್ಲಿ ಕನಿಷ್ಠ ತಾಪಮಾನ 5 ಡಿಗ್ರಿ ಸೆಲ್ಸಿಯಸ್ ದಾಖಲಾಗಿದೆ.
